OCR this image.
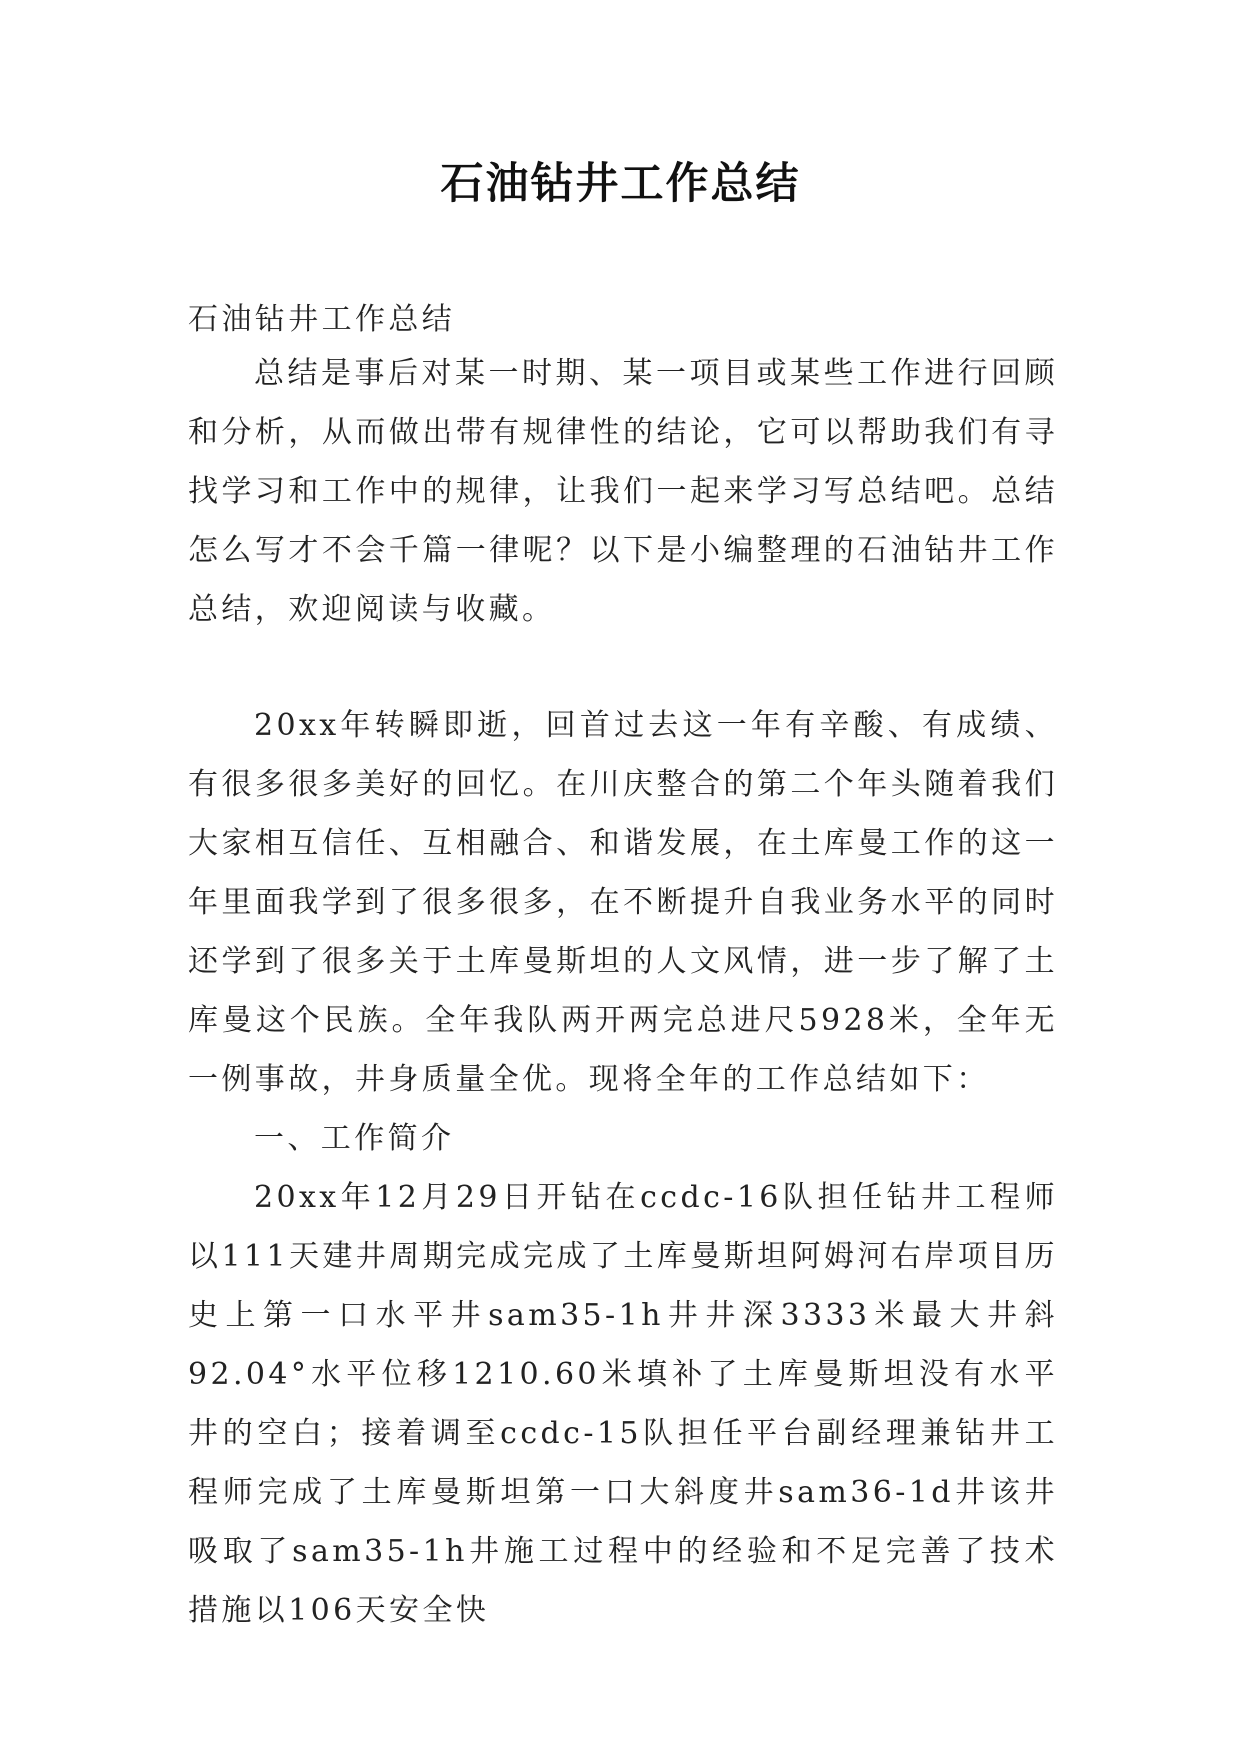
石油钻井工作总结

石油钻井工作总结

总结是事后对某一时期、某一项目或某些工作进行回顾和分析，从而做出带有规律性的结论，它可以帮助我们有寻找学习和工作中的规律，让我们一起来学习写总结吧。总结怎么写才不会千篇一律呢？以下是小编整理的石油钻井工作总结，欢迎阅读与收藏。

20xx年转瞬即逝，回首过去这一年有辛酸、有成绩、有很多很多美好的回忆。在川庆整合的第二个年头随着我们大家相互信任、互相融合、和谐发展，在土库曼工作的这一年里面我学到了很多很多，在不断提升自我业务水平的同时还学到了很多关于土库曼斯坦的人文风情，进一步了解了土库曼这个民族。全年我队两开两完总进尺5928米，全年无一例事故，井身质量全优。现将全年的工作总结如下：

一、工作简介

20xx年12月29日开钻在ccdc-16队担任钻井工程师以111天建井周期完成完成了土库曼斯坦阿姆河右岸项目历史上第一口水平井sam35-1h井井深3333米最大井斜92.04°水平位移1210.60米填补了土库曼斯坦没有水平井的空白；接着调至ccdc-15队担任平台副经理兼钻井工程师完成了土库曼斯坦第一口大斜度井sam36-1d井该井吸取了sam35-1h井施工过程中的经验和不足完善了技术措施以106天安全快
